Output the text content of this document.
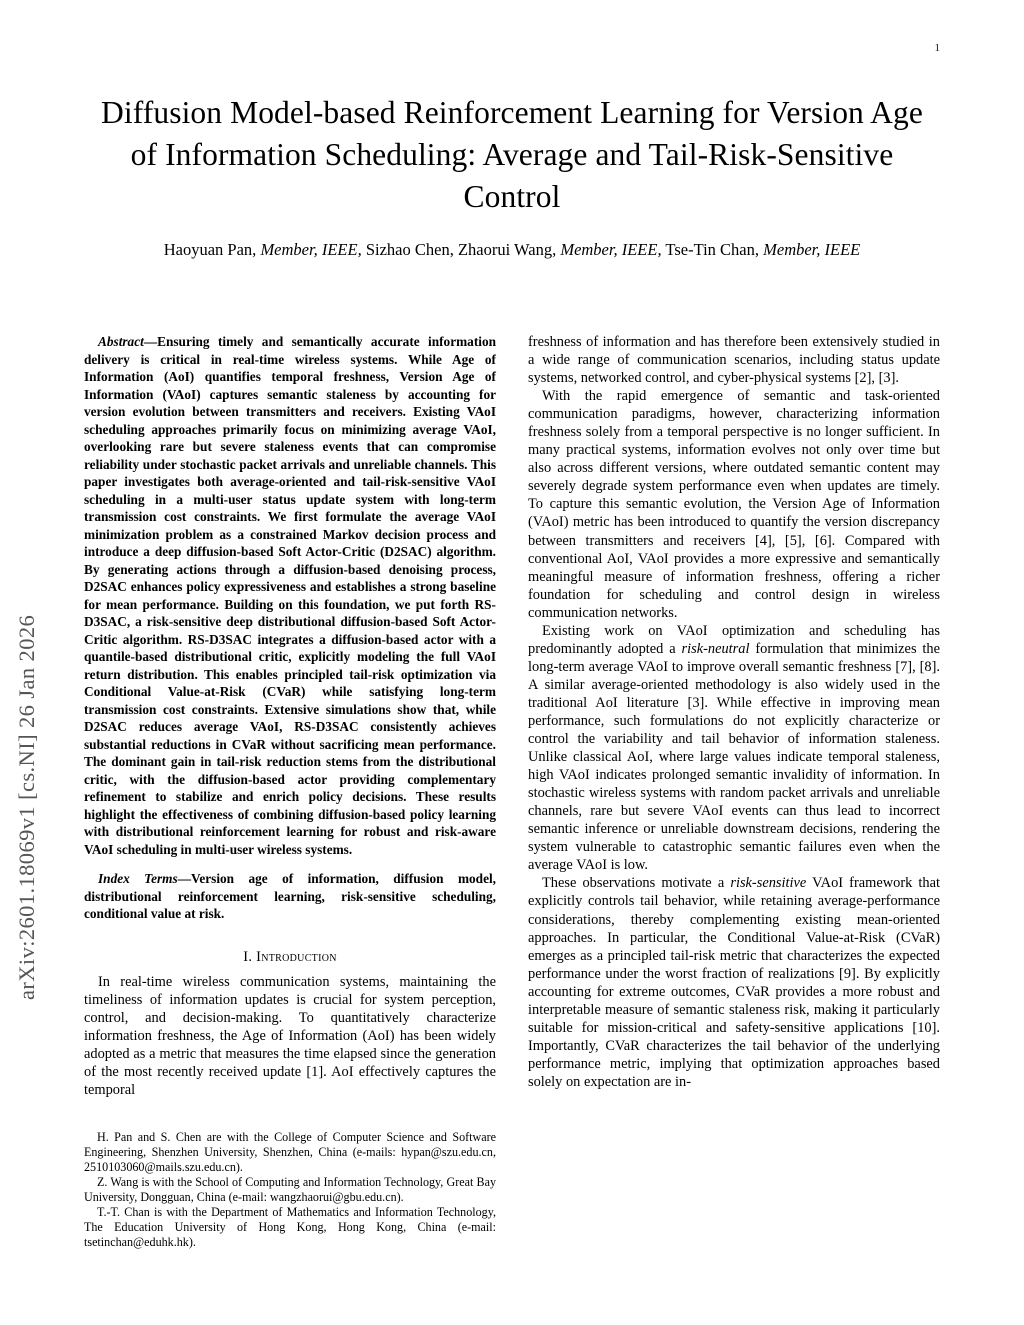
arXiv:2601.18069v1 [cs.NI] 26 Jan 2026
1
Diffusion Model-based Reinforcement Learning for Version Age of Information Scheduling: Average and Tail-Risk-Sensitive Control
Haoyuan Pan, Member, IEEE, Sizhao Chen, Zhaorui Wang, Member, IEEE, Tse-Tin Chan, Member, IEEE
Abstract—Ensuring timely and semantically accurate information delivery is critical in real-time wireless systems. While Age of Information (AoI) quantifies temporal freshness, Version Age of Information (VAoI) captures semantic staleness by accounting for version evolution between transmitters and receivers. Existing VAoI scheduling approaches primarily focus on minimizing average VAoI, overlooking rare but severe staleness events that can compromise reliability under stochastic packet arrivals and unreliable channels. This paper investigates both average-oriented and tail-risk-sensitive VAoI scheduling in a multi-user status update system with long-term transmission cost constraints. We first formulate the average VAoI minimization problem as a constrained Markov decision process and introduce a deep diffusion-based Soft Actor-Critic (D2SAC) algorithm. By generating actions through a diffusion-based denoising process, D2SAC enhances policy expressiveness and establishes a strong baseline for mean performance. Building on this foundation, we put forth RS-D3SAC, a risk-sensitive deep distributional diffusion-based Soft Actor-Critic algorithm. RS-D3SAC integrates a diffusion-based actor with a quantile-based distributional critic, explicitly modeling the full VAoI return distribution. This enables principled tail-risk optimization via Conditional Value-at-Risk (CVaR) while satisfying long-term transmission cost constraints. Extensive simulations show that, while D2SAC reduces average VAoI, RS-D3SAC consistently achieves substantial reductions in CVaR without sacrificing mean performance. The dominant gain in tail-risk reduction stems from the distributional critic, with the diffusion-based actor providing complementary refinement to stabilize and enrich policy decisions. These results highlight the effectiveness of combining diffusion-based policy learning with distributional reinforcement learning for robust and risk-aware VAoI scheduling in multi-user wireless systems.
Index Terms—Version age of information, diffusion model, distributional reinforcement learning, risk-sensitive scheduling, conditional value at risk.
I. Introduction

In real-time wireless communication systems, maintaining the timeliness of information updates is crucial for system perception, control, and decision-making. To quantitatively characterize information freshness, the Age of Information (AoI) has been widely adopted as a metric that measures the time elapsed since the generation of the most recently received update [1]. AoI effectively captures the temporal

H. Pan and S. Chen are with the College of Computer Science and Software Engineering, Shenzhen University, Shenzhen, China (e-mails: hypan@szu.edu.cn, 2510103060@mails.szu.edu.cn).

Z. Wang is with the School of Computing and Information Technology, Great Bay University, Dongguan, China (e-mail: wangzhaorui@gbu.edu.cn).

T.-T. Chan is with the Department of Mathematics and Information Technology, The Education University of Hong Kong, Hong Kong, China (e-mail: tsetinchan@eduhk.hk).

freshness of information and has therefore been extensively studied in a wide range of communication scenarios, including status update systems, networked control, and cyber-physical systems [2], [3].

With the rapid emergence of semantic and task-oriented communication paradigms, however, characterizing information freshness solely from a temporal perspective is no longer sufficient. In many practical systems, information evolves not only over time but also across different versions, where outdated semantic content may severely degrade system performance even when updates are timely. To capture this semantic evolution, the Version Age of Information (VAoI) metric has been introduced to quantify the version discrepancy between transmitters and receivers [4], [5], [6]. Compared with conventional AoI, VAoI provides a more expressive and semantically meaningful measure of information freshness, offering a richer foundation for scheduling and control design in wireless communication networks.

Existing work on VAoI optimization and scheduling has predominantly adopted a risk-neutral formulation that minimizes the long-term average VAoI to improve overall semantic freshness [7], [8]. A similar average-oriented methodology is also widely used in the traditional AoI literature [3]. While effective in improving mean performance, such formulations do not explicitly characterize or control the variability and tail behavior of information staleness. Unlike classical AoI, where large values indicate temporal staleness, high VAoI indicates prolonged semantic invalidity of information. In stochastic wireless systems with random packet arrivals and unreliable channels, rare but severe VAoI events can thus lead to incorrect semantic inference or unreliable downstream decisions, rendering the system vulnerable to catastrophic semantic failures even when the average VAoI is low.

These observations motivate a risk-sensitive VAoI framework that explicitly controls tail behavior, while retaining average-performance considerations, thereby complementing existing mean-oriented approaches. In particular, the Conditional Value-at-Risk (CVaR) emerges as a principled tail-risk metric that characterizes the expected performance under the worst fraction of realizations [9]. By explicitly accounting for extreme outcomes, CVaR provides a more robust and interpretable measure of semantic staleness risk, making it particularly suitable for mission-critical and safety-sensitive applications [10]. Importantly, CVaR characterizes the tail behavior of the underlying performance metric, implying that optimization approaches based solely on expectation are in-
